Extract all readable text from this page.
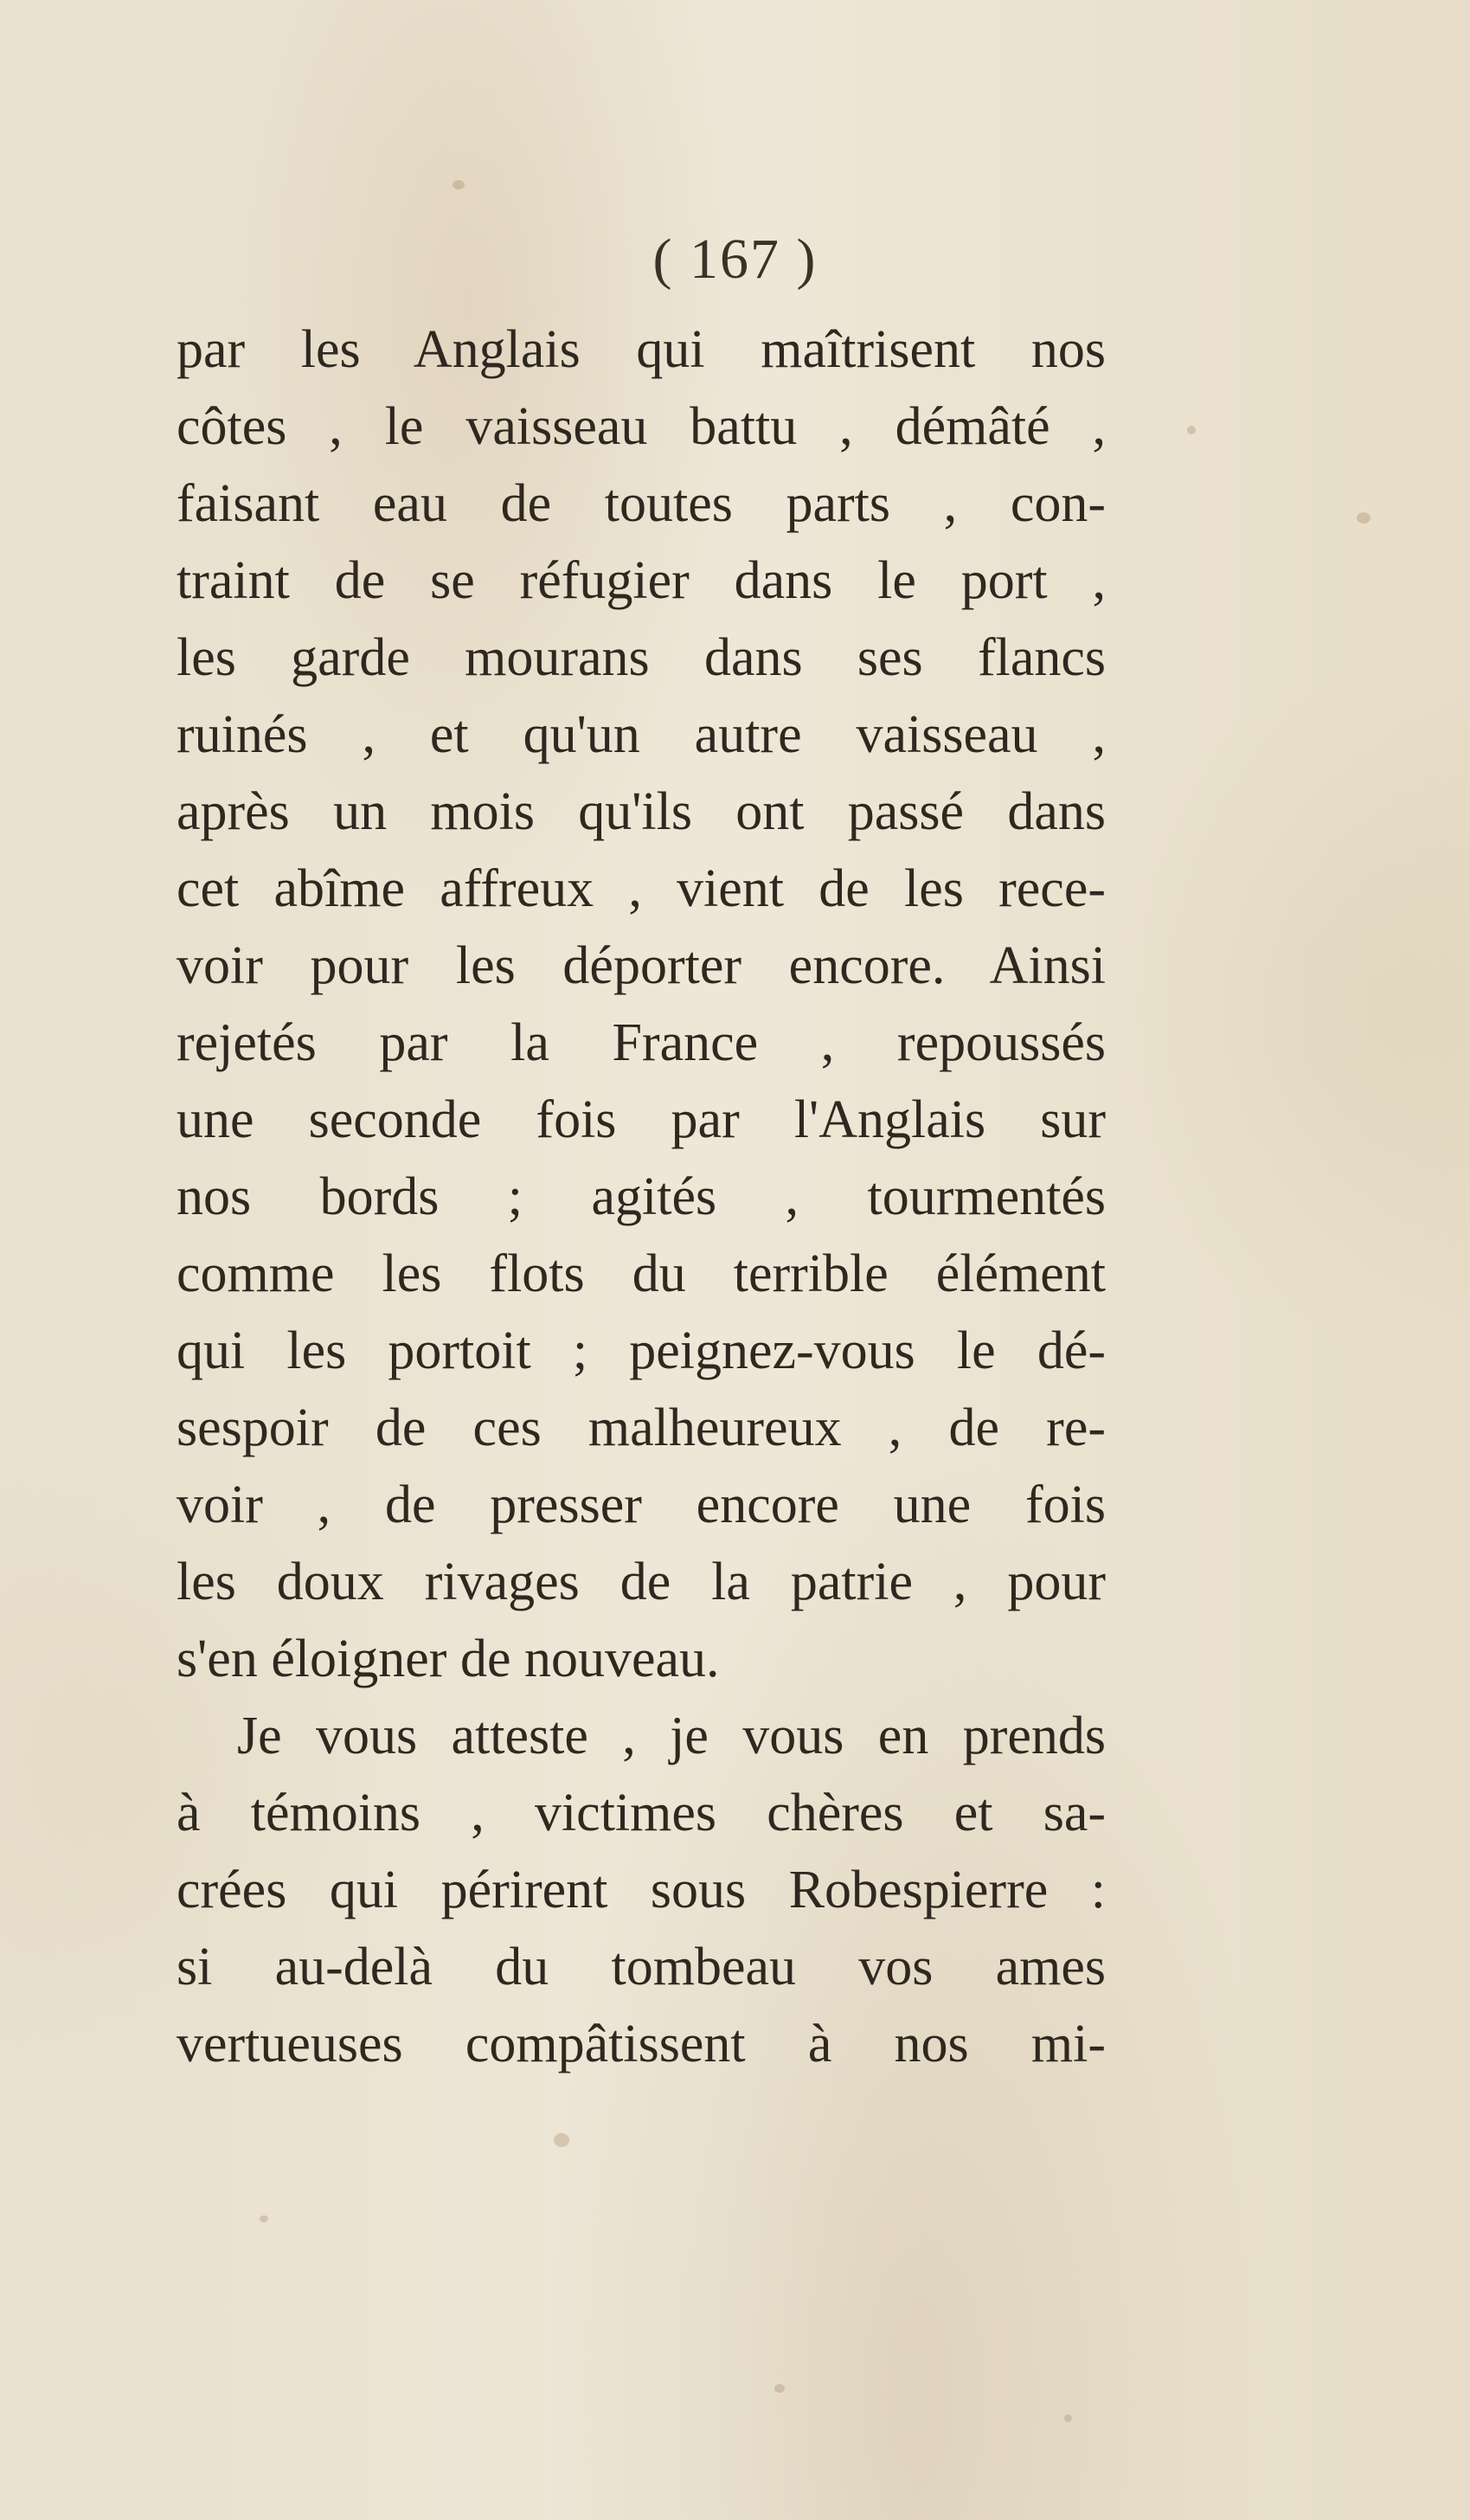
( 167 )
par les Anglais qui maîtrisent nos
côtes , le vaisseau battu , démâté ,
faisant eau de toutes parts , con-
traint de se réfugier dans le port ,
les garde mourans dans ses flancs
ruinés , et qu'un autre vaisseau ,
après un mois qu'ils ont passé dans
cet abîme affreux , vient de les rece-
voir pour les déporter encore. Ainsi
rejetés par la France , repoussés
une seconde fois par l'Anglais sur
nos bords ; agités , tourmentés
comme les flots du terrible élément
qui les portoit ; peignez-vous le dé-
sespoir de ces malheureux , de re-
voir , de presser encore une fois
les doux rivages de la patrie , pour
s'en éloigner de nouveau.
Je vous atteste , je vous en prends
à témoins , victimes chères et sa-
crées qui périrent sous Robespierre :
si au-delà du tombeau vos ames
vertueuses compâtissent à nos mi-
